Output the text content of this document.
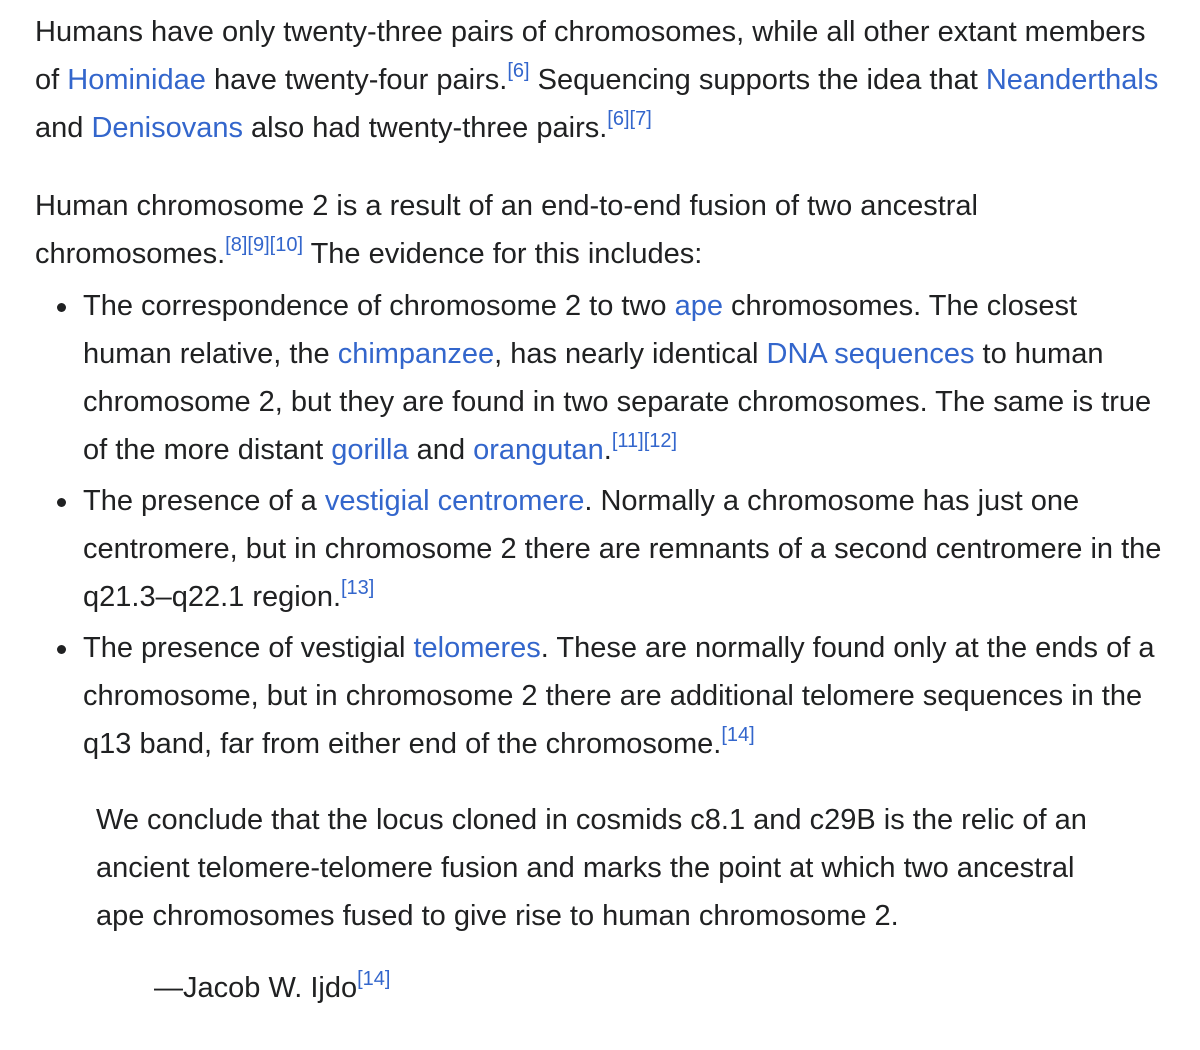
Humans have only twenty-three pairs of chromosomes, while all other extant members of Hominidae have twenty-four pairs.[6] Sequencing supports the idea that Neanderthals and Denisovans also had twenty-three pairs.[6][7]

Human chromosome 2 is a result of an end-to-end fusion of two ancestral chromosomes.[8][9][10] The evidence for this includes:

The correspondence of chromosome 2 to two ape chromosomes. The closest human relative, the chimpanzee, has nearly identical DNA sequences to human chromosome 2, but they are found in two separate chromosomes. The same is true of the more distant gorilla and orangutan.[11][12]
The presence of a vestigial centromere. Normally a chromosome has just one centromere, but in chromosome 2 there are remnants of a second centromere in the q21.3–q22.1 region.[13]
The presence of vestigial telomeres. These are normally found only at the ends of a chromosome, but in chromosome 2 there are additional telomere sequences in the q13 band, far from either end of the chromosome.[14]

We conclude that the locus cloned in cosmids c8.1 and c29B is the relic of an ancient telomere-telomere fusion and marks the point at which two ancestral ape chromosomes fused to give rise to human chromosome 2.

—Jacob W. Ijdo[14]
